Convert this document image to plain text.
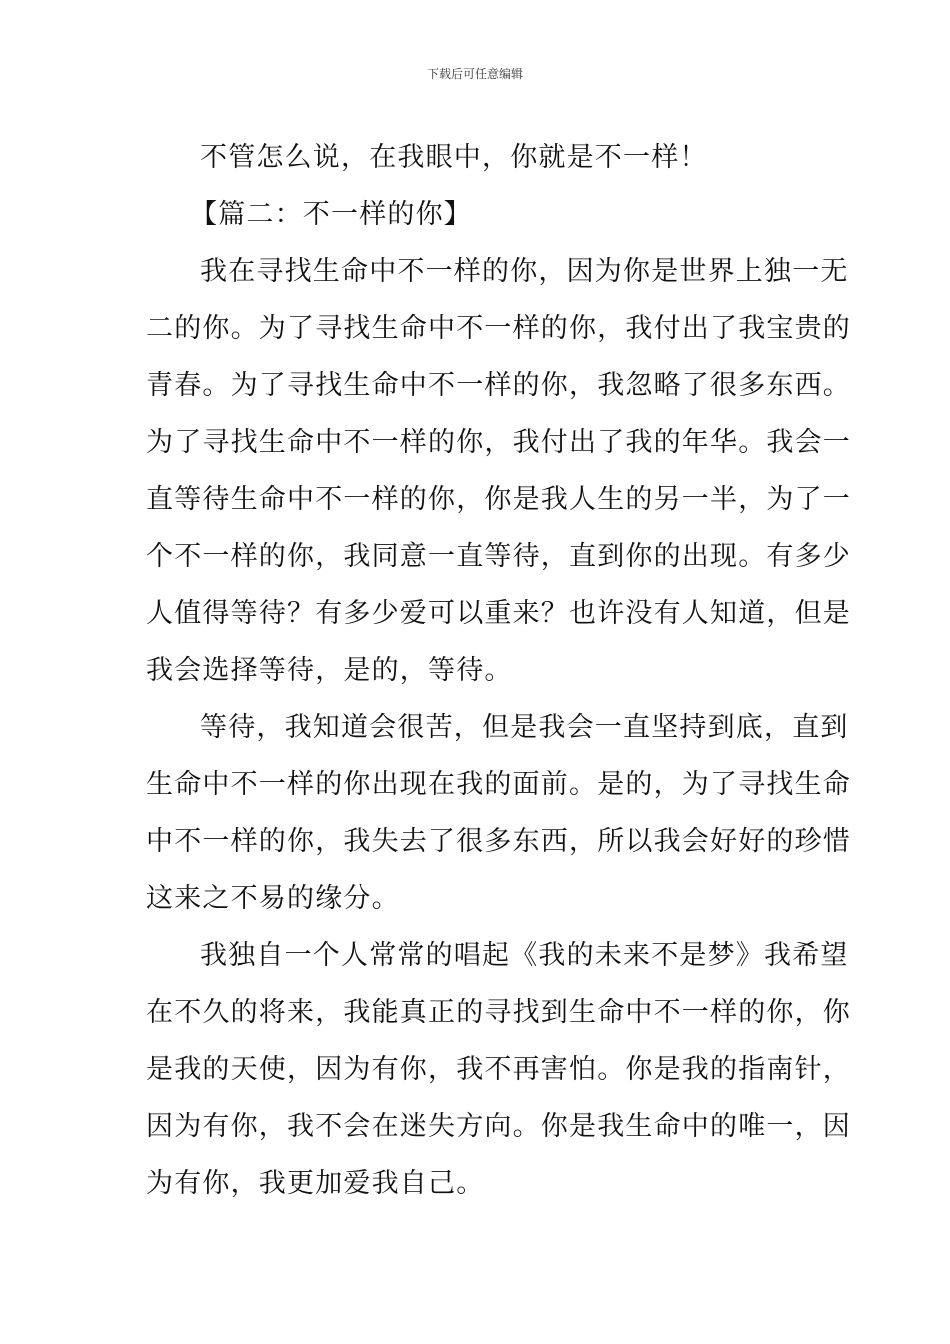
下载后可任意编辑
不管怎么说，在我眼中，你就是不一样！
【篇二：不一样的你】
我在寻找生命中不一样的你，因为你是世界上独一无
二的你。为了寻找生命中不一样的你，我付出了我宝贵的
青春。为了寻找生命中不一样的你，我忽略了很多东西。
为了寻找生命中不一样的你，我付出了我的年华。我会一
直等待生命中不一样的你，你是我人生的另一半，为了一
个不一样的你，我同意一直等待，直到你的出现。有多少
人值得等待？有多少爱可以重来？也许没有人知道，但是
我会选择等待，是的，等待。
等待，我知道会很苦，但是我会一直坚持到底，直到
生命中不一样的你出现在我的面前。是的，为了寻找生命
中不一样的你，我失去了很多东西，所以我会好好的珍惜
这来之不易的缘分。
我独自一个人常常的唱起《我的未来不是梦》我希望
在不久的将来，我能真正的寻找到生命中不一样的你，你
是我的天使，因为有你，我不再害怕。你是我的指南针，
因为有你，我不会在迷失方向。你是我生命中的唯一，因
为有你，我更加爱我自己。
